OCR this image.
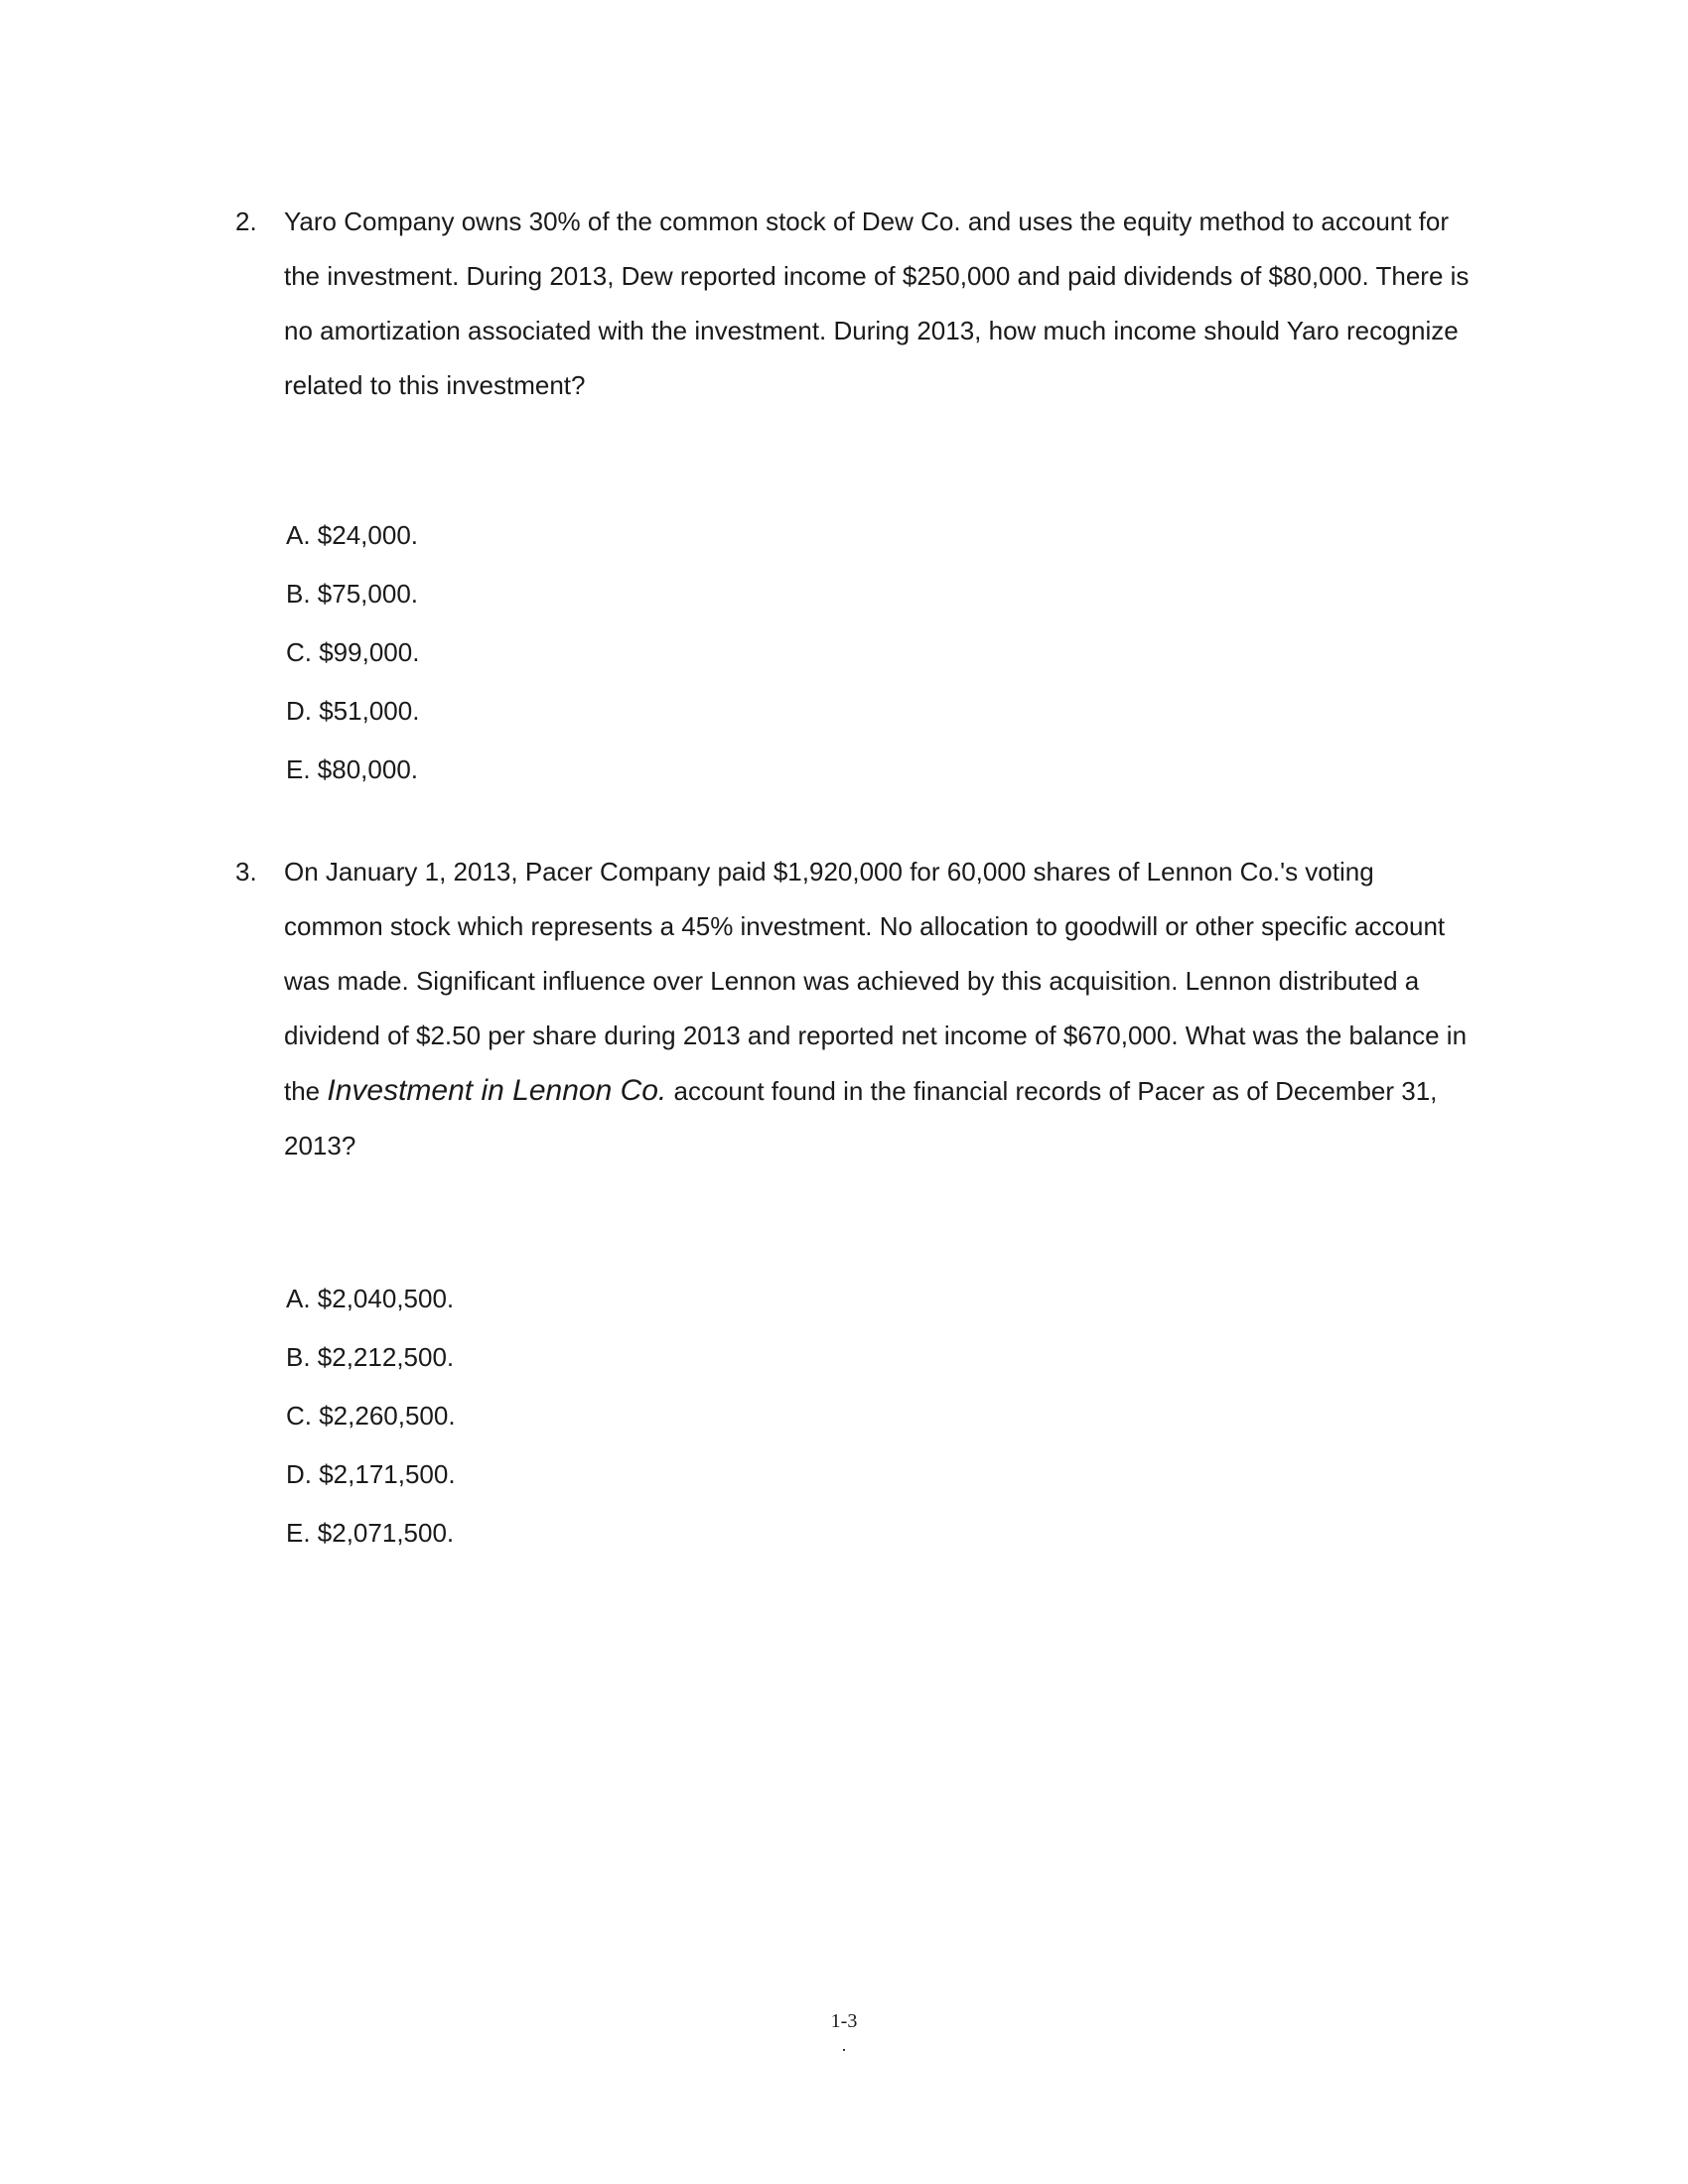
2. Yaro Company owns 30% of the common stock of Dew Co. and uses the equity method to account for the investment. During 2013, Dew reported income of $250,000 and paid dividends of $80,000. There is no amortization associated with the investment. During 2013, how much income should Yaro recognize related to this investment?
A. $24,000.
B. $75,000.
C. $99,000.
D. $51,000.
E. $80,000.
3. On January 1, 2013, Pacer Company paid $1,920,000 for 60,000 shares of Lennon Co.'s voting common stock which represents a 45% investment. No allocation to goodwill or other specific account was made. Significant influence over Lennon was achieved by this acquisition. Lennon distributed a dividend of $2.50 per share during 2013 and reported net income of $670,000. What was the balance in the Investment in Lennon Co. account found in the financial records of Pacer as of December 31, 2013?
A. $2,040,500.
B. $2,212,500.
C. $2,260,500.
D. $2,171,500.
E. $2,071,500.
1-3
.
